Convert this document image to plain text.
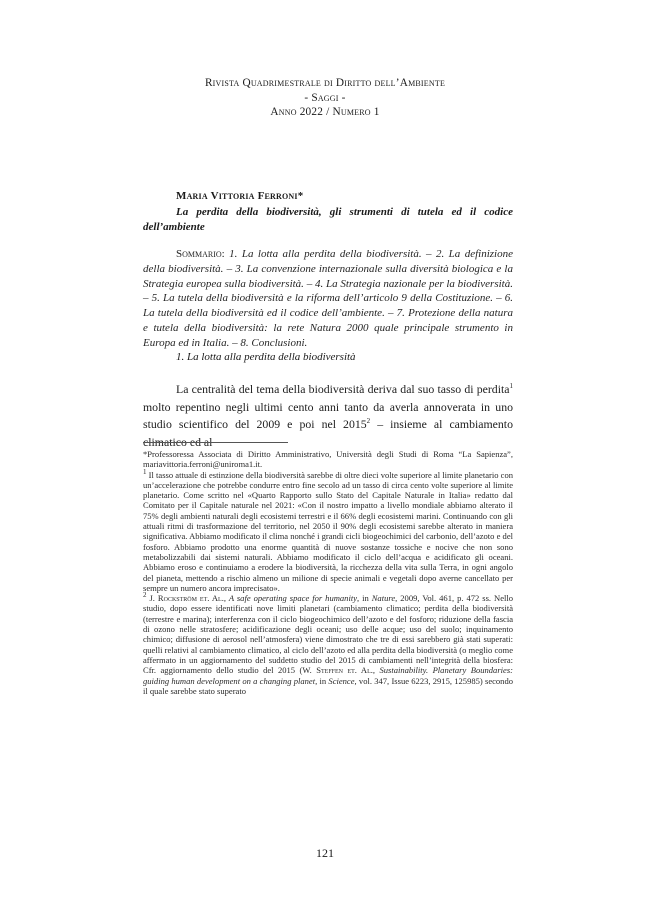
Rivista Quadrimestrale di Diritto dell’Ambiente
- Saggi -
Anno 2022 / Numero 1
Maria Vittoria Ferroni*
La perdita della biodiversità, gli strumenti di tutela ed il codice
dell’ambiente
Sommario: 1. La lotta alla perdita della biodiversità. – 2. La definizione della biodiversità. – 3. La convenzione internazionale sulla diversità biologica e la Strategia europea sulla biodiversità. – 4. La Strategia nazionale per la biodiversità. – 5. La tutela della biodiversità e la riforma dell’articolo 9 della Costituzione. – 6. La tutela della biodiversità ed il codice dell’ambiente. – 7. Protezione della natura e tutela della biodiversità: la rete Natura 2000 quale principale strumento in Europa ed in Italia. – 8. Conclusioni.
1. La lotta alla perdita della biodiversità
La centralità del tema della biodiversità deriva dal suo tasso di perdita$^1$ molto repentino negli ultimi cento anni tanto da averla annoverata in uno studio scientifico del 2009 e poi nel 2015$^2$ – insieme al cambiamento climatico ed al

*Professoressa Associata di Diritto Amministrativo, Università degli Studi di Roma “La Sapienza”, mariavittoria.ferroni@uniroma1.it.

$^1$ Il tasso attuale di estinzione della biodiversità sarebbe di oltre dieci volte superiore al limite planetario con un’accelerazione che potrebbe condurre entro fine secolo ad un tasso di circa cento volte superiore al limite planetario. Come scritto nel «Quarto Rapporto sullo Stato del Capitale Naturale in Italia» redatto dal Comitato per il Capitale naturale nel 2021: «Con il nostro impatto a livello mondiale abbiamo alterato il 75% degli ambienti naturali degli ecosistemi terrestri e il 66% degli ecosistemi marini. Continuando con gli attuali ritmi di trasformazione del territorio, nel 2050 il 90% degli ecosistemi sarebbe alterato in maniera significativa. Abbiamo modificato il clima nonché i grandi cicli biogeochimici del carbonio, dell’azoto e del fosforo. Abbiamo prodotto una enorme quantità di nuove sostanze tossiche e nocive che non sono metabolizzabili dai sistemi naturali. Abbiamo modificato il ciclo dell’acqua e acidificato gli oceani. Abbiamo eroso e continuiamo a erodere la biodiversità, la ricchezza della vita sulla Terra, in ogni angolo del pianeta, mettendo a rischio almeno un milione di specie animali e vegetali dopo averne cancellato per sempre un numero ancora imprecisato».

$^2$ J. Rockström et. Al., A safe operating space for humanity, in Nature, 2009, Vol. 461, p. 472 ss. Nello studio, dopo essere identificati nove limiti planetari (cambiamento climatico; perdita della biodiversità (terrestre e marina); interferenza con il ciclo biogeochimico dell’azoto e del fosforo; riduzione della fascia di ozono nelle stratosfere; acidificazione degli oceani; uso delle acque; uso del suolo; inquinamento chimico; diffusione di aerosol nell’atmosfera) viene dimostrato che tre di essi sarebbero già stati superati: quelli relativi al cambiamento climatico, al ciclo dell’azoto ed alla perdita della biodiversità (o meglio come affermato in un aggiornamento del suddetto studio del 2015 di cambiamenti nell’integrità della biosfera: Cfr. aggiornamento dello studio del 2015 (W. Steffen et. Al., Sustainability. Planetary Boundaries: guiding human development on a changing planet, in Science, vol. 347, Issue 6223, 2915, 125985) secondo il quale sarebbe stato superato

121
